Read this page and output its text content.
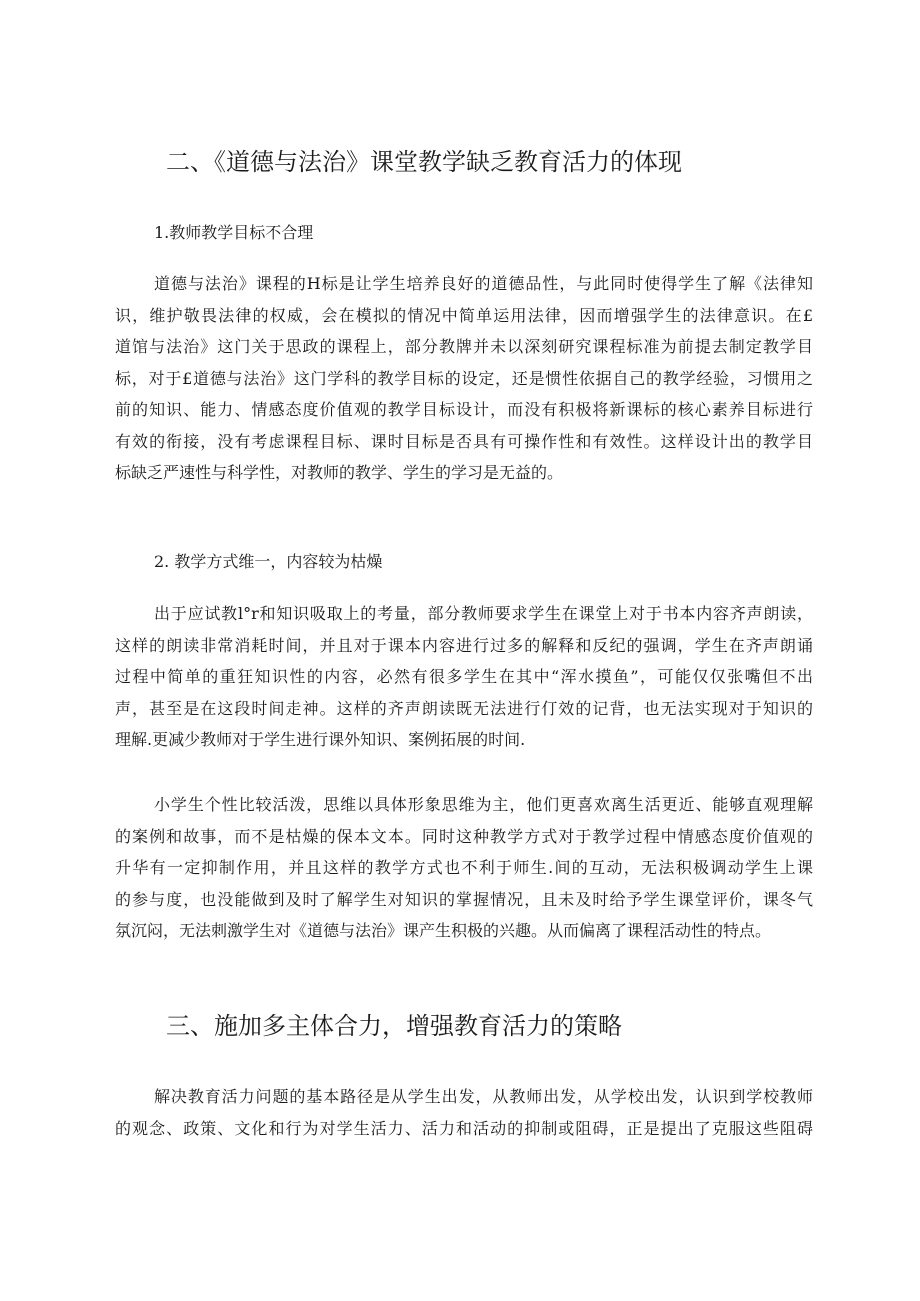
二、《道德与法治》课堂教学缺乏教育活力的体现
1.教师教学目标不合理
道德与法治》课程的H标是让学生培养良好的道德品性，与此同时使得学生了解《法律知
识，维护敬畏法律的权威，会在模拟的情况中简单运用法律，因而增强学生的法律意识。在£
道馆与法治》这门关于思政的课程上，部分教牌并未以深刻研究课程标准为前提去制定教学目
标，对于£道德与法治》这门学科的教学目标的设定，还是惯性依据自己的教学经验，习惯用之
前的知识、能力、情感态度价值观的教学目标设计，而没有积极将新课标的核心素养目标进行
有效的衔接，没有考虑课程目标、课时目标是否具有可操作性和有效性。这样设计出的教学目
标缺乏严速性与科学性，对教师的教学、学生的学习是无益的。
2. 教学方式维一，内容较为枯燥
出于应试教l°r和知识吸取上的考量，部分教师要求学生在课堂上对于书本内容齐声朗读，
这样的朗读非常消耗时间，并且对于课本内容进行过多的解释和反纪的强调，学生在齐声朗诵
过程中简单的重狂知识性的内容，必然有很多学生在其中“浑水摸鱼”，可能仅仅张嘴但不出
声，甚至是在这段时间走神。这样的齐声朗读既无法进行仃效的记背，也无法实现对于知识的
理解.更减少教师对于学生进行课外知识、案例拓展的时间.
小学生个性比较活泼，思维以具体形象思维为主，他们更喜欢离生活更近、能够直观理解
的案例和故事，而不是枯燥的保本文本。同时这种教学方式对于教学过程中情感态度价值观的
升华有一定抑制作用，并且这样的教学方式也不利于师生.间的互动，无法积极调动学生上课
的参与度，也没能做到及时了解学生对知识的掌握情况，且未及时给予学生课堂评价，课冬气
氛沉闷，无法刺激学生对《道德与法治》课产生积极的兴趣。从而偏离了课程活动性的特点。
三、施加多主体合力，增强教育活力的策略
解决教育活力问题的基本路径是从学生出发，从教师出发，从学校出发，认识到学校教师
的观念、政策、文化和行为对学生活力、活力和活动的抑制或阻碍，正是提出了克服这些阻碍
